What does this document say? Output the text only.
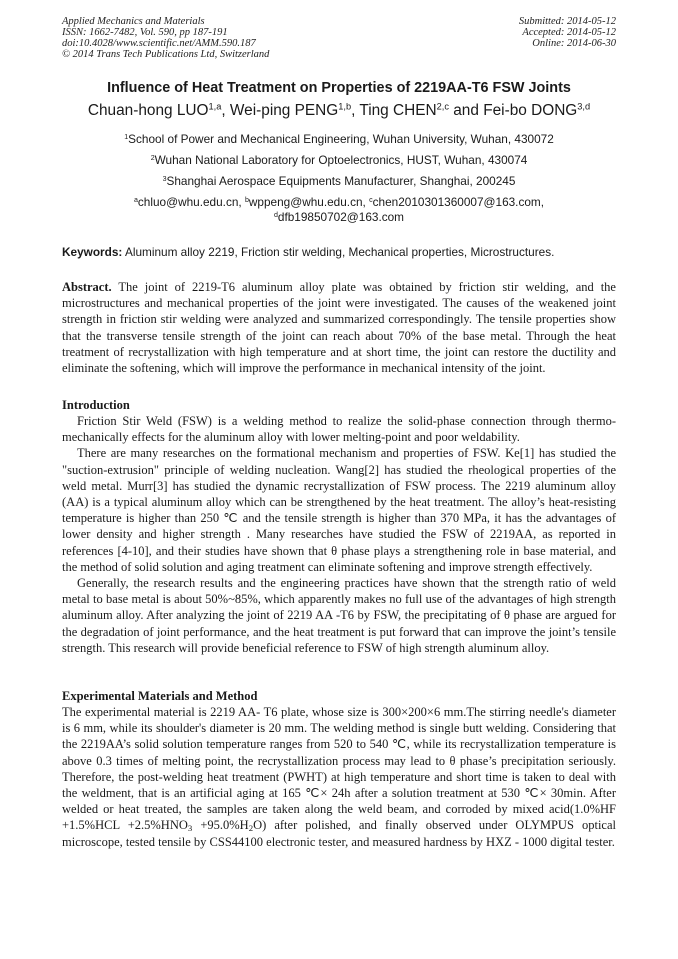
Applied Mechanics and Materials
ISSN: 1662-7482, Vol. 590, pp 187-191
doi:10.4028/www.scientific.net/AMM.590.187
© 2014 Trans Tech Publications Ltd, Switzerland
Submitted: 2014-05-12
Accepted: 2014-05-12
Online: 2014-06-30
Influence of Heat Treatment on Properties of 2219AA-T6 FSW Joints
Chuan-hong LUO$^{1,a}$, Wei-ping PENG$^{1,b}$, Ting CHEN$^{2,c}$ and Fei-bo DONG$^{3,d}$
$^1$School of Power and Mechanical Engineering, Wuhan University, Wuhan, 430072
$^2$Wuhan National Laboratory for Optoelectronics, HUST, Wuhan, 430074
$^3$Shanghai Aerospace Equipments Manufacturer, Shanghai, 200245
$^a$chluo@whu.edu.cn, $^b$wppeng@whu.edu.cn, $^c$chen2010301360007@163.com,
$^d$dfb19850702@163.com
Keywords: Aluminum alloy 2219, Friction stir welding, Mechanical properties, Microstructures.

Abstract. The joint of 2219-T6 aluminum alloy plate was obtained by friction stir welding, and the microstructures and mechanical properties of the joint were investigated. The causes of the weakened joint strength in friction stir welding were analyzed and summarized correspondingly. The tensile properties show that the transverse tensile strength of the joint can reach about 70% of the base metal. Through the heat treatment of recrystallization with high temperature and at short time, the joint can restore the ductility and eliminate the softening, which will improve the performance in mechanical intensity of the joint.

Introduction

Friction Stir Weld (FSW) is a welding method to realize the solid-phase connection through thermo-mechanically effects for the aluminum alloy with lower melting-point and poor weldability.

There are many researches on the formational mechanism and properties of FSW. Ke[1] has studied the "suction-extrusion" principle of welding nucleation. Wang[2] has studied the rheological properties of the weld metal. Murr[3] has studied the dynamic recrystallization of FSW process. The 2219 aluminum alloy (AA) is a typical aluminum alloy which can be strengthened by the heat treatment. The alloy’s heat-resisting temperature is higher than 250 ℃ and the tensile strength is higher than 370 MPa, it has the advantages of lower density and higher strength . Many researches have studied the FSW of 2219AA, as reported in references [4-10], and their studies have shown that θ phase plays a strengthening role in base material, and the method of solid solution and aging treatment can eliminate softening and improve strength effectively.

Generally, the research results and the engineering practices have shown that the strength ratio of weld metal to base metal is about 50%~85%, which apparently makes no full use of the advantages of high strength aluminum alloy. After analyzing the joint of 2219 AA -T6 by FSW, the precipitating of θ phase are argued for the degradation of joint performance, and the heat treatment is put forward that can improve the joint’s tensile strength. This research will provide beneficial reference to FSW of high strength aluminum alloy.

Experimental Materials and Method

The experimental material is 2219 AA- T6 plate, whose size is 300×200×6 mm.The stirring needle's diameter is 6 mm, while its shoulder's diameter is 20 mm. The welding method is single butt welding. Considering that the 2219AA’s solid solution temperature ranges from 520 to 540 ℃, while its recrystallization temperature is above 0.3 times of melting point, the recrystallization process may lead to θ phase’s precipitation seriously. Therefore, the post-welding heat treatment (PWHT) at high temperature and short time is taken to deal with the weldment, that is an artificial aging at 165 ℃× 24h after a solution treatment at 530 ℃× 30min. After welded or heat treated, the samples are taken along the weld beam, and corroded by mixed acid(1.0%HF $+1.5\%HCL +2.5\%HNO_3 +95.0\%H_2O$) after polished, and finally observed under OLYMPUS optical microscope, tested tensile by CSS44100 electronic tester, and measured hardness by HXZ - 1000 digital tester.
